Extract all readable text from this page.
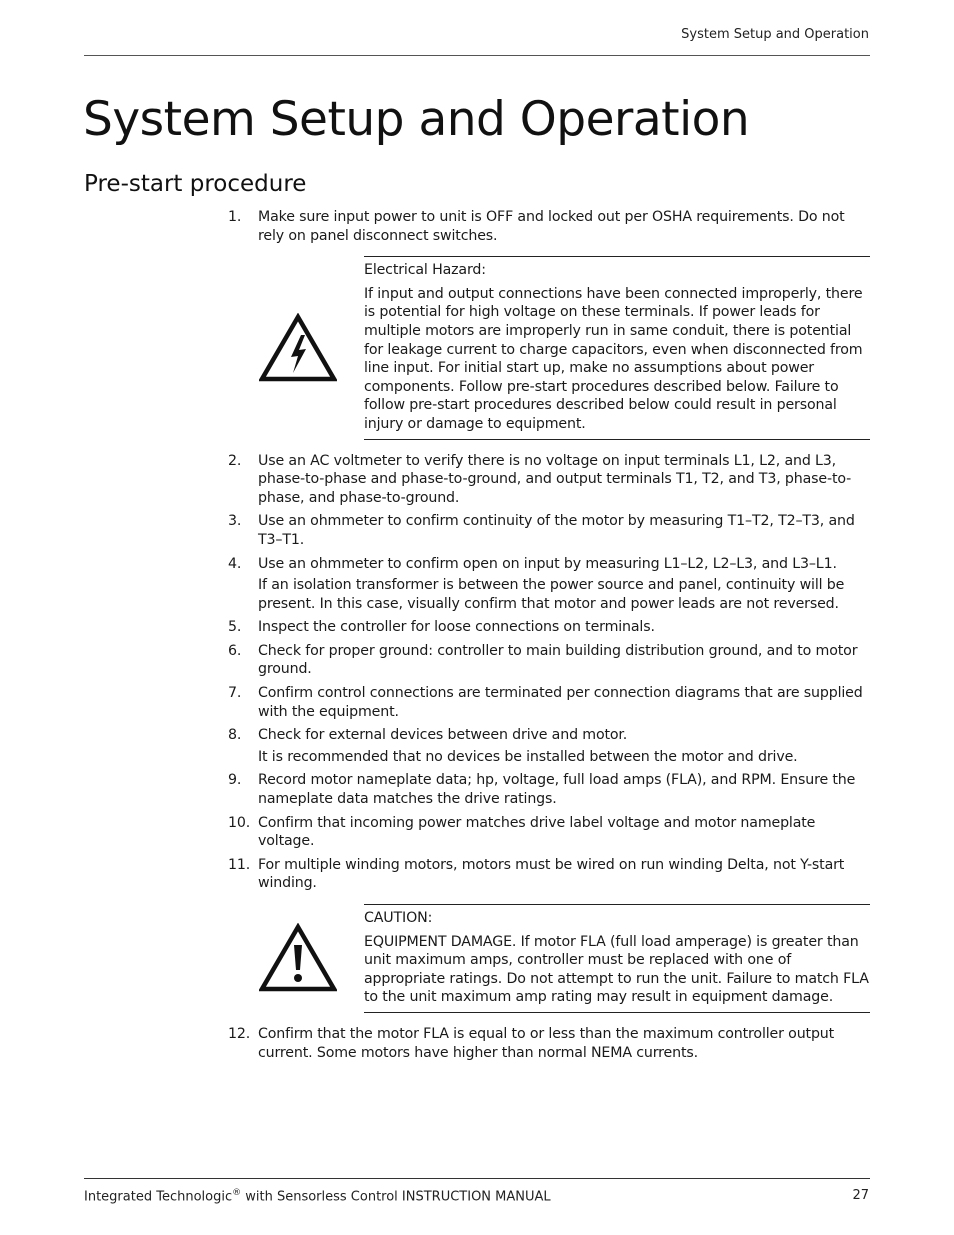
System Setup and Operation
System Setup and Operation
Pre-start procedure
1.	Make sure input power to unit is OFF and locked out per OSHA requirements. Do not rely on panel disconnect switches.
Electrical Hazard:
If input and output connections have been connected improperly, there is potential for high voltage on these terminals. If power leads for multiple motors are improperly run in same conduit, there is potential for leakage current to charge capacitors, even when disconnected from line input. For initial start up, make no assumptions about power components. Follow pre-start procedures described below. Failure to follow pre-start procedures described below could result in personal injury or damage to equipment.
2.	Use an AC voltmeter to verify there is no voltage on input terminals L1, L2, and L3, phase-to-phase and phase-to-ground, and output terminals T1, T2, and T3, phase-to-phase, and phase-to-ground.
3.	Use an ohmmeter to confirm continuity of the motor by measuring T1–T2, T2–T3, and T3–T1.
4.	Use an ohmmeter to confirm open on input by measuring L1–L2, L2–L3, and L3–L1.
If an isolation transformer is between the power source and panel, continuity will be present. In this case, visually confirm that motor and power leads are not reversed.
5.	Inspect the controller for loose connections on terminals.
6.	Check for proper ground: controller to main building distribution ground, and to motor ground.
7.	Confirm control connections are terminated per connection diagrams that are supplied with the equipment.
8.	Check for external devices between drive and motor.
It is recommended that no devices be installed between the motor and drive.
9.	Record motor nameplate data; hp, voltage, full load amps (FLA), and RPM. Ensure the nameplate data matches the drive ratings.
10. Confirm that incoming power matches drive label voltage and motor nameplate voltage.
11. For multiple winding motors, motors must be wired on run winding Delta, not Y-start winding.
CAUTION:
EQUIPMENT DAMAGE. If motor FLA (full load amperage) is greater than unit maximum amps, controller must be replaced with one of appropriate ratings. Do not attempt to run the unit. Failure to match FLA to the unit maximum amp rating may result in equipment damage.
12. Confirm that the motor FLA is equal to or less than the maximum controller output current. Some motors have higher than normal NEMA currents.
Integrated Technologic® with Sensorless Control INSTRUCTION MANUAL	27
